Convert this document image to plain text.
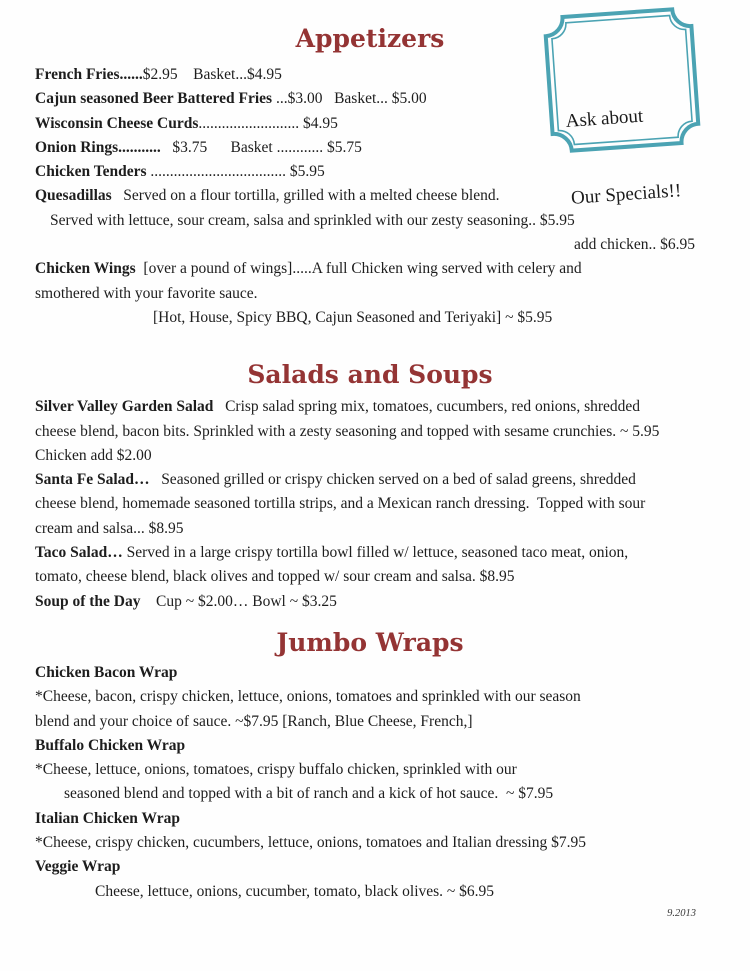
menupix

Ask about

Our Specials!!

Appetizers
French Fries......$2.95    Basket...$4.95
Cajun seasoned Beer Battered Fries ...$3.00   Basket... $5.00
Wisconsin Cheese Curds.......................... $4.95
Onion Rings...........   $3.75      Basket ............ $5.75
Chicken Tenders ................................... $5.95
Quesadillas   Served on a flour tortilla, grilled with a melted cheese blend.
Served with lettuce, sour cream, salsa and sprinkled with our zesty seasoning.. $5.95
add chicken.. $6.95
Chicken Wings  [over a pound of wings].....A full Chicken wing served with celery and
smothered with your favorite sauce.
[Hot, House, Spicy BBQ, Cajun Seasoned and Teriyaki] ~ $5.95
Salads and Soups
Silver Valley Garden Salad   Crisp salad spring mix, tomatoes, cucumbers, red onions, shredded
cheese blend, bacon bits. Sprinkled with a zesty seasoning and topped with sesame crunchies. ~ 5.95
Chicken add $2.00
Santa Fe Salad…   Seasoned grilled or crispy chicken served on a bed of salad greens, shredded
cheese blend, homemade seasoned tortilla strips, and a Mexican ranch dressing.  Topped with sour
cream and salsa... $8.95
Taco Salad… Served in a large crispy tortilla bowl filled w/ lettuce, seasoned taco meat, onion,
tomato, cheese blend, black olives and topped w/ sour cream and salsa. $8.95
Soup of the Day    Cup ~ $2.00… Bowl ~ $3.25
Jumbo Wraps
Chicken Bacon Wrap
*Cheese, bacon, crispy chicken, lettuce, onions, tomatoes and sprinkled with our season
blend and your choice of sauce. ~$7.95 [Ranch, Blue Cheese, French,]
Buffalo Chicken Wrap
*Cheese, lettuce, onions, tomatoes, crispy buffalo chicken, sprinkled with our
seasoned blend and topped with a bit of ranch and a kick of hot sauce.  ~ $7.95
Italian Chicken Wrap
*Cheese, crispy chicken, cucumbers, lettuce, onions, tomatoes and Italian dressing $7.95
Veggie Wrap
Cheese, lettuce, onions, cucumber, tomato, black olives. ~ $6.95
9.2013
